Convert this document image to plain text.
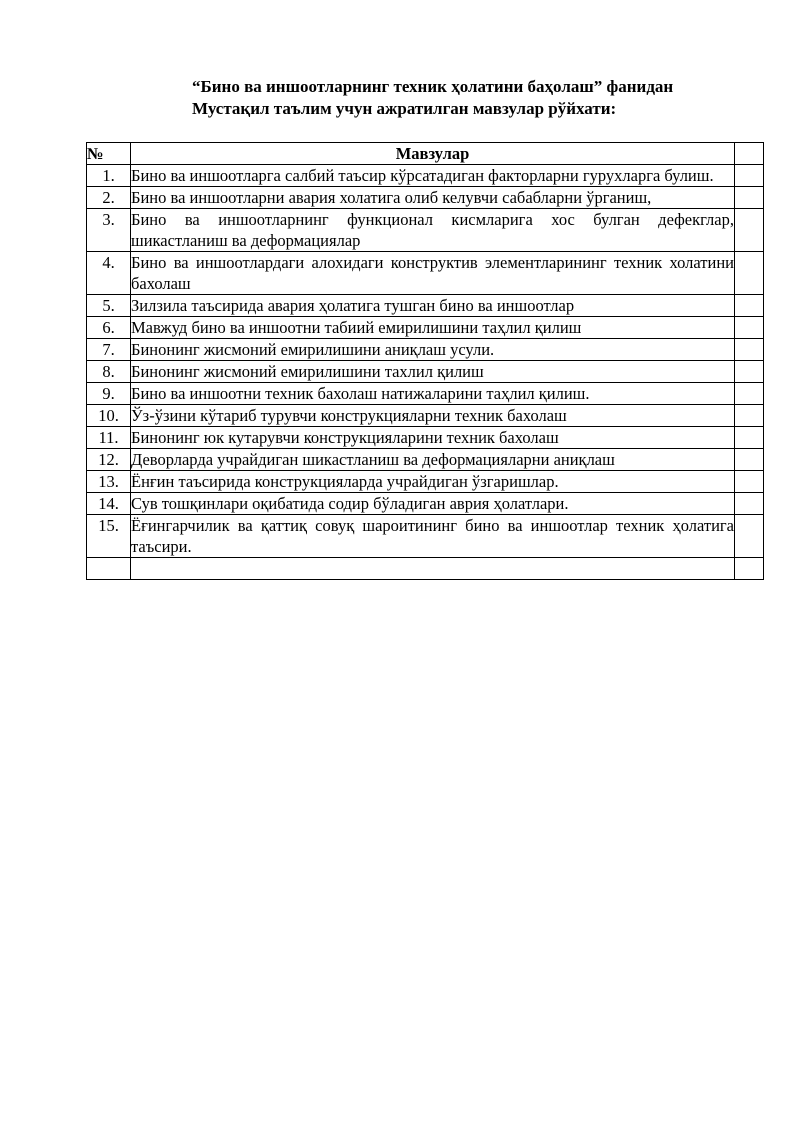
“Бино ва иншоотларнинг техник ҳолатини баҳолаш” фанидан
Мустақил таълим учун ажратилган мавзулар рўйхати:
№	Мавзулар	
1.	Бино ва иншоотларга салбий таъсир кўрсатадиган факторларни гурухларга булиш.	
2.	Бино ва иншоотларни авария холатига олиб келувчи сабабларни ўрганиш,	
3.	Бино ва иншоотларнинг функционал кисмларига хос булган дефекглар, шикастланиш ва деформациялар	
4.	Бино ва иншоотлардаги алохидаги конструктив элементларининг техник холатини бахолаш	
5.	Зилзила таъсирида авария ҳолатига тушган бино ва иншоотлар	
6.	Мавжуд бино ва иншоотни табиий емирилишини таҳлил қилиш	
7.	Бинонинг жисмоний емирилишини аниқлаш усули.	
8.	Бинонинг жисмоний емирилишини тахлил қилиш	
9.	Бино ва иншоотни техник бахолаш натижаларини таҳлил қилиш.	
10.	Ўз-ўзини кўтариб турувчи конструкцияларни техник бахолаш	
11.	Бинонинг юк кутарувчи конструкцияларини техник бахолаш	
12.	Деворларда учрайдиган шикастланиш ва деформацияларни аниқлаш	
13.	Ёнғин таъсирида конструкцияларда учрайдиган ўзгаришлар.	
14.	Сув тошқинлари оқибатида содир бўладиган аврия ҳолатлари.	
15.	Ёғингарчилик ва қаттиқ совуқ шароитининг бино ва иншоотлар техник ҳолатига таъсири.	
